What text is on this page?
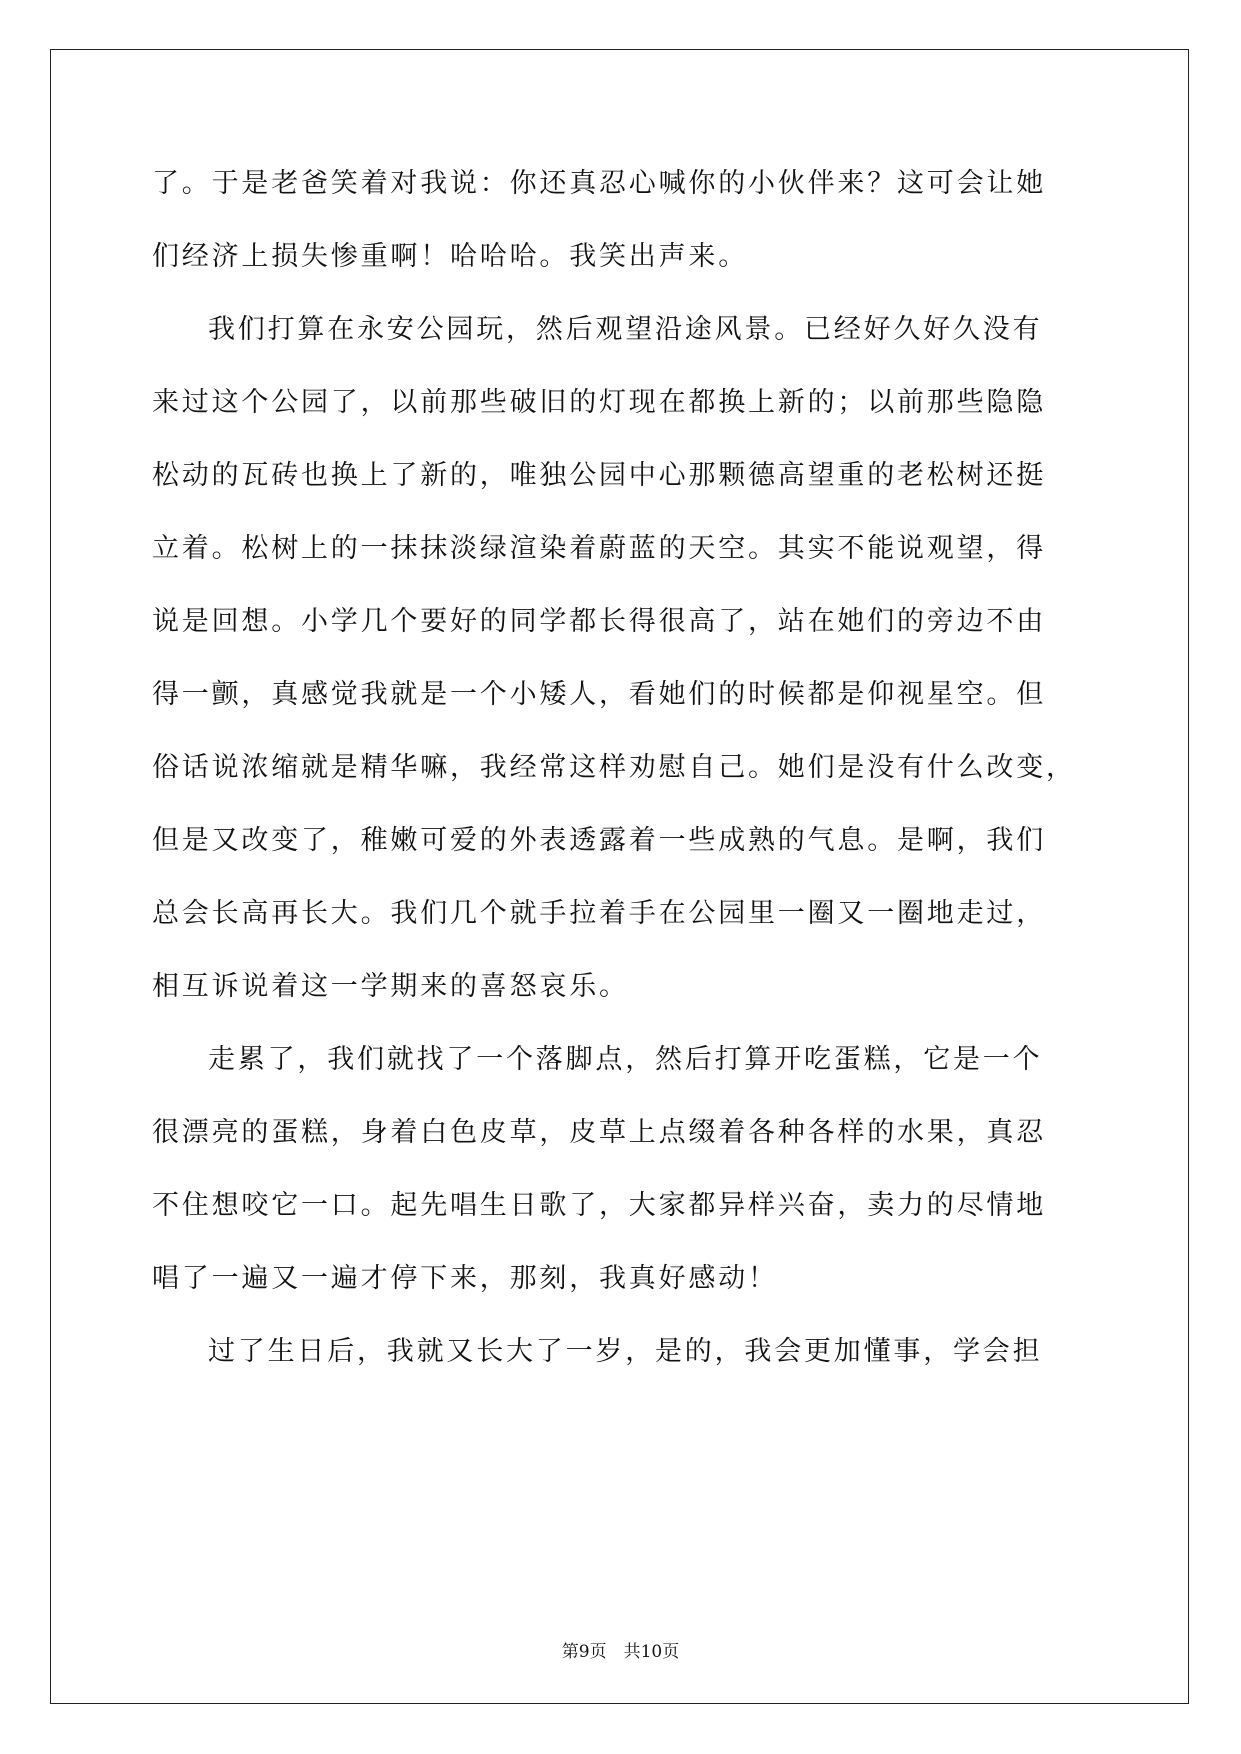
了。于是老爸笑着对我说：你还真忍心喊你的小伙伴来？这可会让她
们经济上损失惨重啊！哈哈哈。我笑出声来。
我们打算在永安公园玩，然后观望沿途风景。已经好久好久没有
来过这个公园了，以前那些破旧的灯现在都换上新的；以前那些隐隐
松动的瓦砖也换上了新的，唯独公园中心那颗德高望重的老松树还挺
立着。松树上的一抹抹淡绿渲染着蔚蓝的天空。其实不能说观望，得
说是回想。小学几个要好的同学都长得很高了，站在她们的旁边不由
得一颤，真感觉我就是一个小矮人，看她们的时候都是仰视星空。但
俗话说浓缩就是精华嘛，我经常这样劝慰自己。她们是没有什么改变，
但是又改变了，稚嫩可爱的外表透露着一些成熟的气息。是啊，我们
总会长高再长大。我们几个就手拉着手在公园里一圈又一圈地走过，
相互诉说着这一学期来的喜怒哀乐。
走累了，我们就找了一个落脚点，然后打算开吃蛋糕，它是一个
很漂亮的蛋糕，身着白色皮草，皮草上点缀着各种各样的水果，真忍
不住想咬它一口。起先唱生日歌了，大家都异样兴奋，卖力的尽情地
唱了一遍又一遍才停下来，那刻，我真好感动！
过了生日后，我就又长大了一岁，是的，我会更加懂事，学会担
第9页　共10页
